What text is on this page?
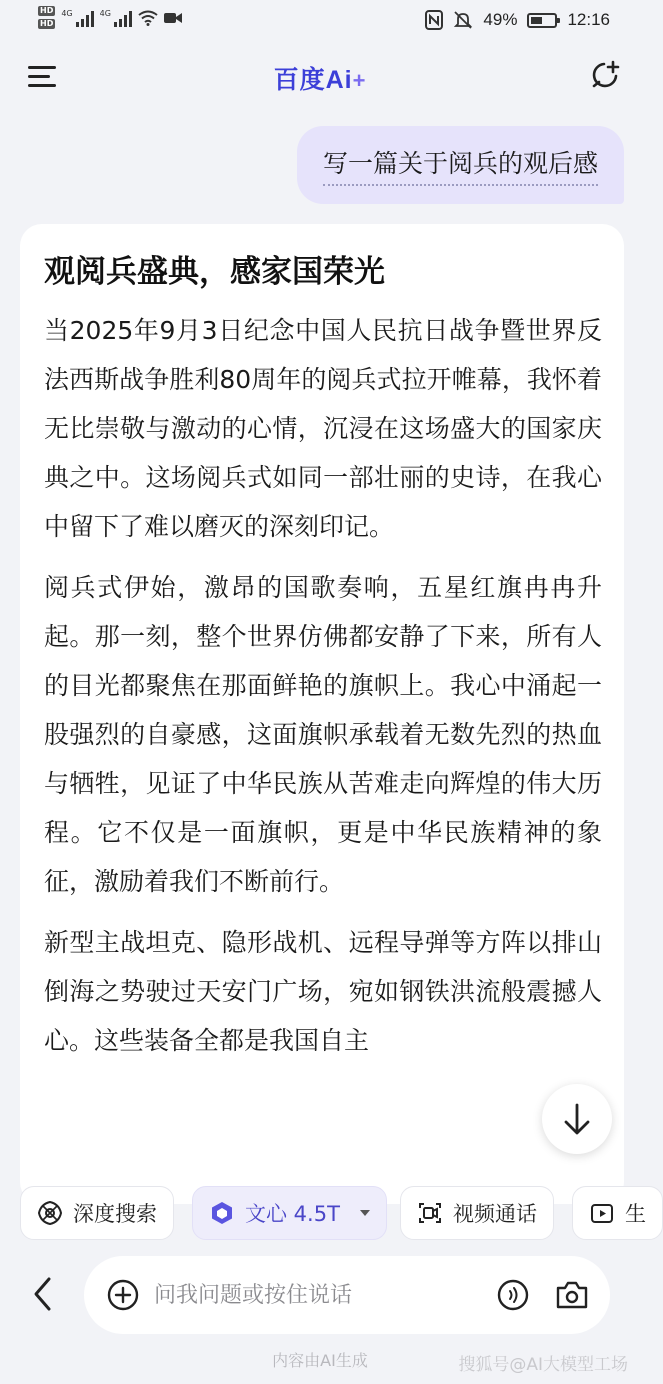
HD
HD
4G	4G	49%	12:16
百度Ai+
写一篇关于阅兵的观后感
观阅兵盛典，感家国荣光

当2025年9月3日纪念中国人民抗日战争暨世界反法西斯战争胜利80周年的阅兵式拉开帷幕，我怀着无比崇敬与激动的心情，沉浸在这场盛大的国家庆典之中。这场阅兵式如同一部壮丽的史诗，在我心中留下了难以磨灭的深刻印记。

阅兵式伊始，激昂的国歌奏响，五星红旗冉冉升起。那一刻，整个世界仿佛都安静了下来，所有人的目光都聚焦在那面鲜艳的旗帜上。我心中涌起一股强烈的自豪感，这面旗帜承载着无数先烈的热血与牺牲，见证了中华民族从苦难走向辉煌的伟大历程。它不仅是一面旗帜，更是中华民族精神的象征，激励着我们不断前行。

新型主战坦克、隐形战机、远程导弹等方阵以排山倒海之势驶过天安门广场，宛如钢铁洪流般震撼人心。这些装备全都是我国自主

深度搜索	文心 4.5T	视频通话	生
问我问题或按住说话
内容由AI生成	搜狐号@AI大模型工场
